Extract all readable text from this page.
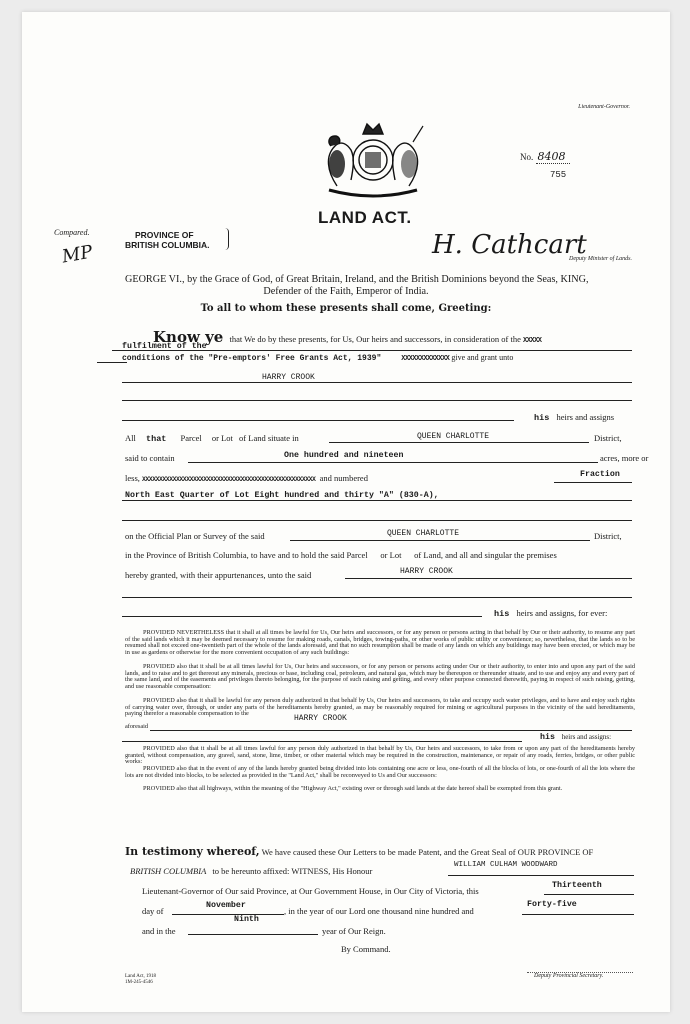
Lieutenant-Governor.
No. 8408
755
LAND ACT.
Compared.
MP
PROVINCE OF
BRITISH COLUMBIA.	H. Cathcart
Deputy Minister of Lands.
GEORGE VI., by the Grace of God, of Great Britain, Ireland, and the British Dominions beyond the Seas, KING,
Defender of the Faith, Emperor of India.
To all to whom these presents shall come, Greeting:
Know ye that We do by these presents, for Us, Our heirs and successors, in consideration of the XXXXX
fulfilment of the
conditions of the "Pre-emptors' Free Grants Act, 1939"	XXXXXXXXXXXXX give and grant unto
HARRY CROOK
his heirs and assigns
All that Parcel or Lot of Land situate in	QUEEN CHARLOTTE	District,
said to contain	One hundred and nineteen	acres, more or
less, XXXXXXXXXXXXXXXXXXXXXXXXXXXXXXXXXXXXXXXXXXXXXXXXXXX and numbered	Fraction
North East Quarter of Lot Eight hundred and thirty "A" (830-A),
on the Official Plan or Survey of the said	QUEEN CHARLOTTE	District,
in the Province of British Columbia, to have and to hold the said Parcel      or Lot      of Land, and all and singular the premises
hereby granted, with their appurtenances, unto the said	HARRY CROOK
his heirs and assigns, for ever:
PROVIDED NEVERTHELESS that it shall at all times be lawful for Us, Our heirs and successors, or for any person or persons acting in that behalf by Our or their authority, to resume any part of the said lands which it may be deemed necessary to resume for making roads, canals, bridges, towing-paths, or other works of public utility or convenience; so, nevertheless, that the lands so to be resumed shall not exceed one-twentieth part of the whole of the lands aforesaid, and that no such resumption shall be made of any lands on which any buildings may have been erected, or which may be in use as gardens or otherwise for the more convenient occupation of any such buildings:
PROVIDED also that it shall be at all times lawful for Us, Our heirs and successors, or for any person or persons acting under Our or their authority, to enter into and upon any part of the said lands, and to raise and to get thereout any minerals, precious or base, including coal, petroleum, and natural gas, which may be thereupon or thereunder situate, and to use and enjoy any and every part of the same land, and of the easements and privileges thereto belonging, for the purpose of such raising and getting, and every other purpose connected therewith, paying in respect of such raising, getting, and use reasonable compensation:
PROVIDED also that it shall be lawful for any person duly authorized in that behalf by Us, Our heirs and successors, to take and occupy such water privileges, and to have and enjoy such rights of carrying water over, through, or under any parts of the hereditaments hereby granted, as may be reasonably required for mining or agricultural purposes in the vicinity of the said hereditaments, paying therefor a reasonable compensation to the
aforesaid
HARRY CROOK
his heirs and assigns:
PROVIDED also that it shall be at all times lawful for any person duly authorized in that behalf by Us, Our heirs and successors, to take from or upon any part of the hereditaments hereby granted, without compensation, any gravel, sand, stone, lime, timber, or other material which may be required in the construction, maintenance, or repair of any roads, ferries, bridges, or other public works:
PROVIDED also that in the event of any of the lands hereby granted being divided into lots containing one acre or less, one-fourth of all the blocks of lots, or one-fourth of all the lots where the lots are not divided into blocks, to be selected as provided in the "Land Act," shall be reconveyed to Us and Our successors:
PROVIDED also that all highways, within the meaning of the "Highway Act," existing over or through said lands at the date hereof shall be exempted from this grant.
In testimony whereof, We have caused these Our Letters to be made Patent, and the Great Seal of OUR PROVINCE OF
BRITISH COLUMBIA to be hereunto affixed: WITNESS, His Honour
WILLIAM CULHAM WOODWARD
Lieutenant-Governor of Our said Province, at Our Government House, in Our City of Victoria, this
Thirteenth
day of
November
, in the year of our Lord one thousand nine hundred and
Forty-five
and in the
Ninth
year of Our Reign.
By Command.
Land Act, 1918
1M-245-4546
Deputy Provincial Secretary.
